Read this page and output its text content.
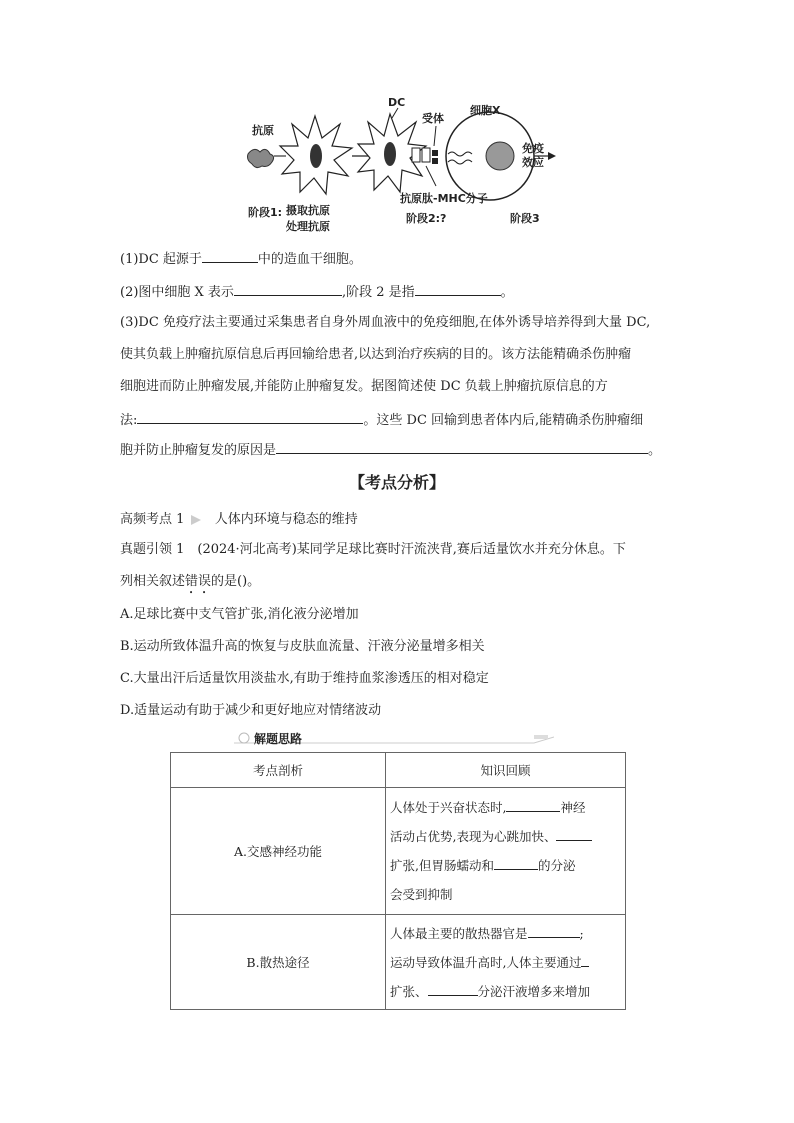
抗原
DC
受体
细胞X
免疫
效应
抗原肽-MHC分子
阶段1: 摄取抗原
处理抗原
阶段2:?	阶段3
(1)DC 起源于	中的造血干细胞。
(2)图中细胞 X 表示	,阶段 2 是指	。
(3)DC 免疫疗法主要通过采集患者自身外周血液中的免疫细胞,在体外诱导培养得到大量 DC,
使其负载上肿瘤抗原信息后再回输给患者,以达到治疗疾病的目的。该方法能精确杀伤肿瘤
细胞进而防止肿瘤发展,并能防止肿瘤复发。据图简述使 DC 负载上肿瘤抗原信息的方
法:	。这些 DC 回输到患者体内后,能精确杀伤肿瘤细
胞并防止肿瘤复发的原因是	。
【考点分析】
高频考点 1 人体内环境与稳态的维持
真题引领 1　(2024·河北高考)某同学足球比赛时汗流浃背,赛后适量饮水并充分休息。下
列相关叙述错误的是()。
A.足球比赛中支气管扩张,消化液分泌增加
B.运动所致体温升高的恢复与皮肤血流量、汗液分泌量增多相关
C.大量出汗后适量饮用淡盐水,有助于维持血浆渗透压的相对稳定
D.适量运动有助于减少和更好地应对情绪波动
解题思路
考点剖析	知识回顾
A.交感神经功能	人体处于兴奋状态时, 神经
活动占优势,表现为心跳加快、
扩张,但胃肠蠕动和 的分泌
会受到抑制

B.散热途径	人体最主要的散热器官是 ;
运动导致体温升高时,人体主要通过
扩张、 分泌汗液增多来增加
